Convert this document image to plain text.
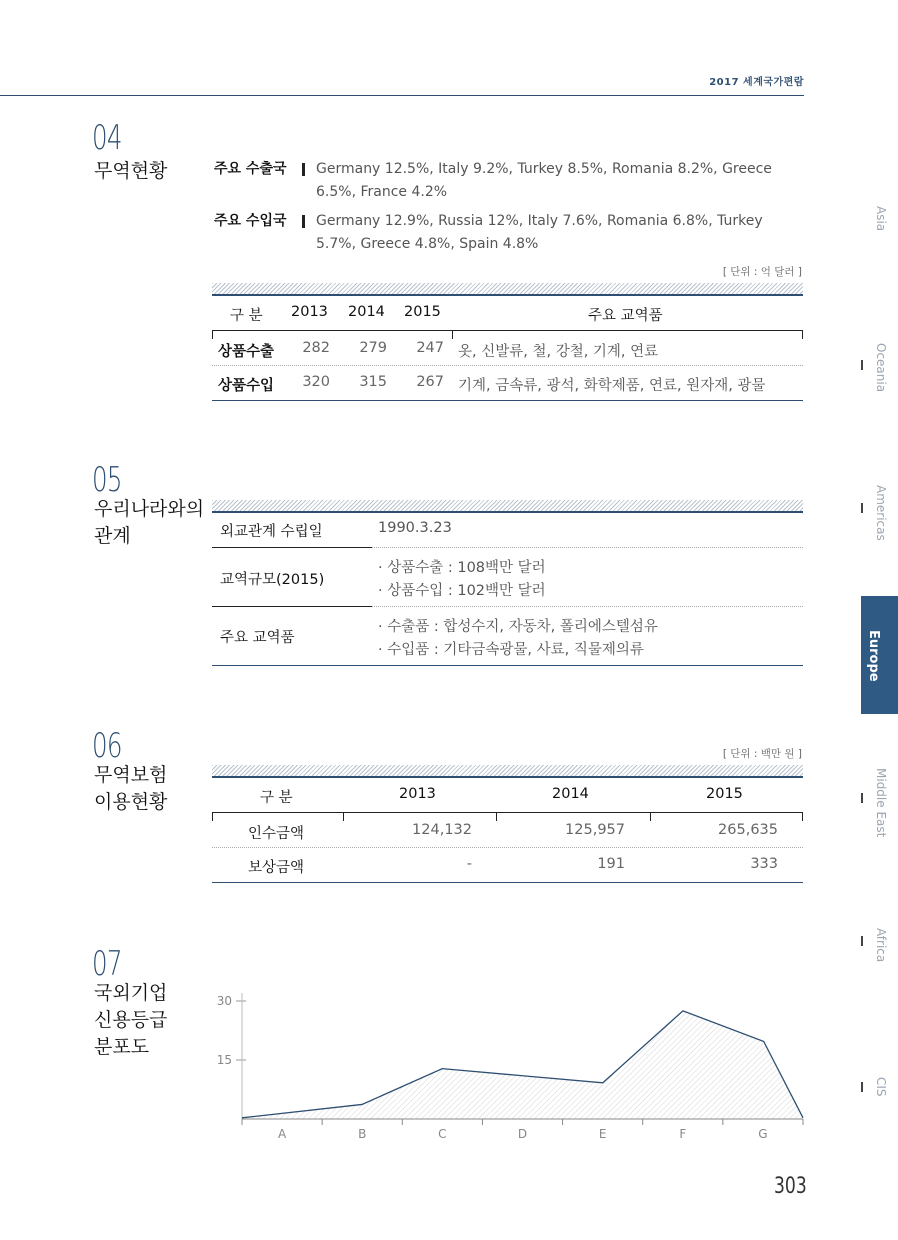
2017 세계국가편람
04
무역현황	주요 수출국 Germany 12.5%, Italy 9.2%, Turkey 8.5%, Romania 8.2%, Greece 6.5%, France 4.2%
주요 수입국 Germany 12.9%, Russia 12%, Italy 7.6%, Romania 6.8%, Turkey 5.7%, Greece 4.8%, Spain 4.8%
[ 단위 : 억 달러 ]
구 분 2013 2014 2015	주요 교역품
상품수출 282 279 247 옷, 신발류, 철, 강철, 기계, 연료
상품수입 320 315 267 기계, 금속류, 광석, 화학제품, 연료, 원자재, 광물
05
우리나라와의
관계	외교관계 수립일	1990.3.23
교역규모(2015)
· 상품수출 : 108백만 달러
· 상품수입 : 102백만 달러
주요 교역품
· 수출품 : 합성수지, 자동차, 폴리에스텔섬유
· 수입품 : 기타금속광물, 사료, 직물제의류
06
무역보험
이용현황
[ 단위 : 백만 원 ]
구 분	2013	2014	2015
인수금액	124,132	125,957	265,635
보상금액	-	191	333
07
국외기업
신용등급
분포도
15
30
A	B	C	D	E	F	G
Asia
Oceania
Americas
Europe
Middle East
Africa
CIS
303
